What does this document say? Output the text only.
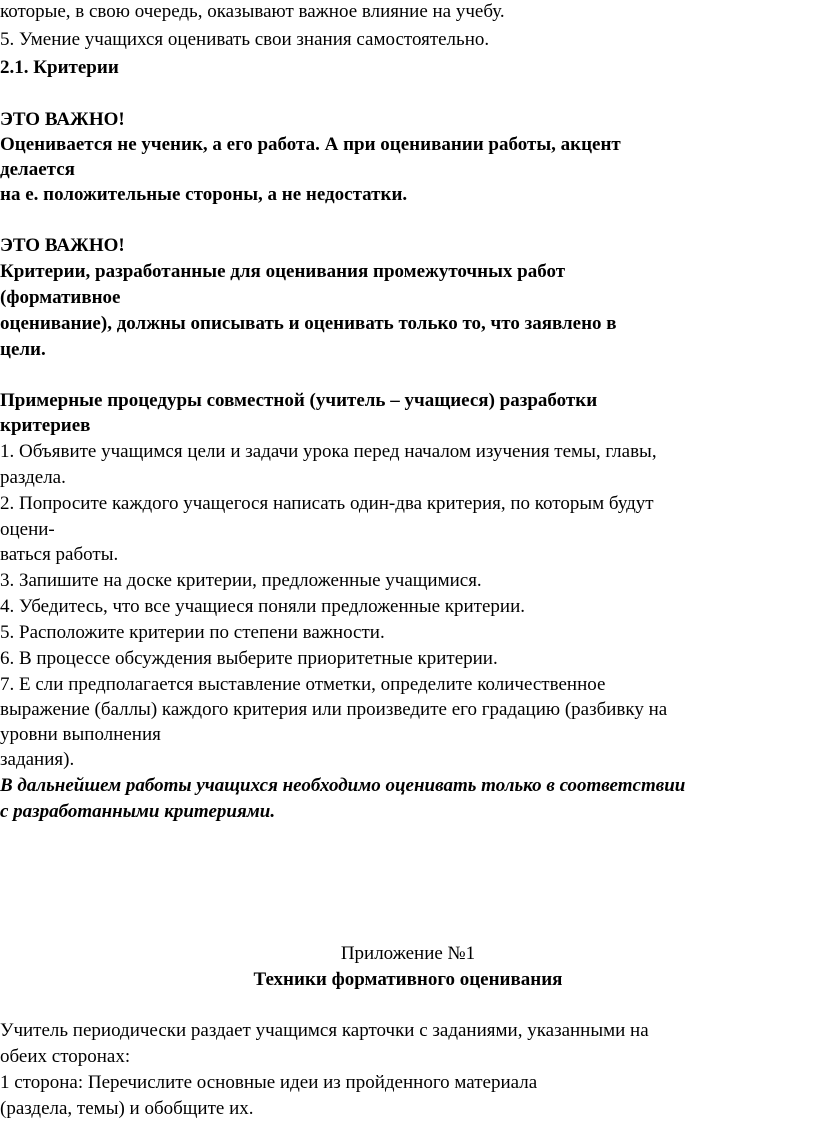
которые, в свою очередь, оказывают важное влияние на учебу.
5. Умение учащихся оценивать свои знания самостоятельно.
2.1. Критерии
ЭТО ВАЖНО!
Оценивается не ученик, а его работа. А при оценивании работы, акцент
делается
на е. положительные стороны, а не недостатки.
ЭТО ВАЖНО!
Критерии, разработанные для оценивания промежуточных работ
(формативное
оценивание), должны описывать и оценивать только то, что заявлено в
цели.
Примерные процедуры совместной (учитель – учащиеся) разработки
критериев
1. Объявите учащимся цели и задачи урока перед началом изучения темы, главы,
раздела.
2. Попросите каждого учащегося написать один-два критерия, по которым будут
оцени-
ваться работы.
3. Запишите на доске критерии, предложенные учащимися.
4. Убедитесь, что все учащиеся поняли предложенные критерии.
5. Расположите критерии по степени важности.
6. В процессе обсуждения выберите приоритетные критерии.
7. Е сли предполагается выставление отметки, определите количественное
выражение (баллы) каждого критерия или произведите его градацию (разбивку на
уровни выполнения
задания).
В дальнейшем работы учащихся необходимо оценивать только в соответствии
с разработанными критериями.
Приложение №1
Техники формативного оценивания
Учитель периодически раздает учащимся карточки с заданиями, указанными на
обеих сторонах:
1 сторона: Перечислите основные идеи из пройденного материала
(раздела, темы) и обобщите их.
